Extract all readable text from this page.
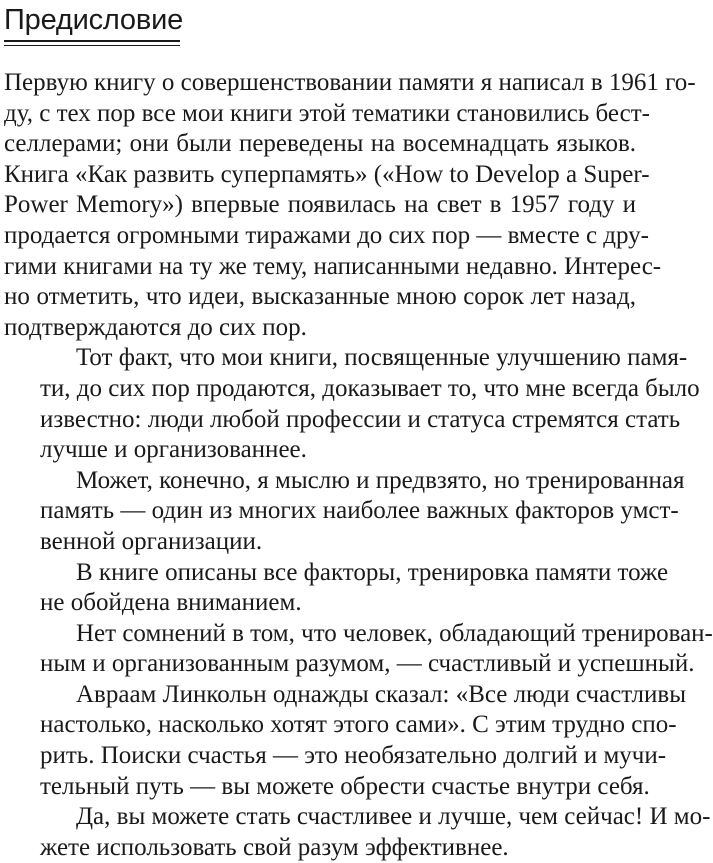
Предисловие

Первую книгу о совершенствовании памяти я написал в 1961 го-
ду, с тех пор все мои книги этой тематики становились бест-
селлерами; они были переведены на восемнадцать языков.
Книга «Как развить суперпамять» («How to Develop a Super-
Power Memory») впервые появилась на свет в 1957 году и
продается огромными тиражами до сих пор — вместе с дру-
гими книгами на ту же тему, написанными недавно. Интерес-
но отметить, что идеи, высказанные мною сорок лет назад,
подтверждаются до сих пор.

Тот факт, что мои книги, посвященные улучшению памя-
ти, до сих пор продаются, доказывает то, что мне всегда было
известно: люди любой профессии и статуса стремятся стать
лучше и организованнее.

Может, конечно, я мыслю и предвзято, но тренированная
память — один из многих наиболее важных факторов умст-
венной организации.

В книге описаны все факторы, тренировка памяти тоже
не обойдена вниманием.

Нет сомнений в том, что человек, обладающий тренирован-
ным и организованным разумом, — счастливый и успешный.

Авраам Линкольн однажды сказал: «Все люди счастливы
настолько, насколько хотят этого сами». С этим трудно спо-
рить. Поиски счастья — это необязательно долгий и мучи-
тельный путь — вы можете обрести счастье внутри себя.

Да, вы можете стать счастливее и лучше, чем сейчас! И мо-
жете использовать свой разум эффективнее.
